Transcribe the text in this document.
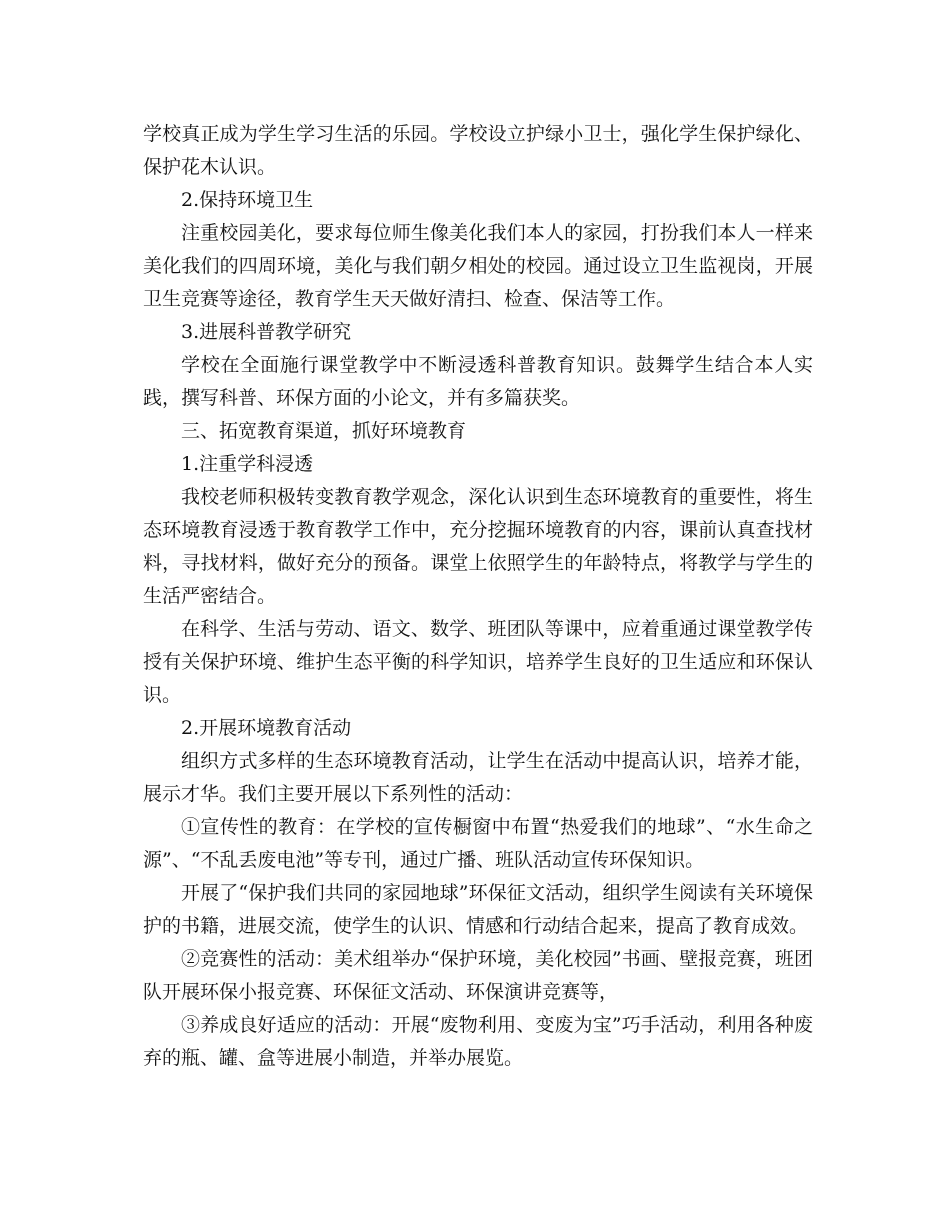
学校真正成为学生学习生活的乐园。学校设立护绿小卫士，强化学生保护绿化、保护花木认识。

2.保持环境卫生

注重校园美化，要求每位师生像美化我们本人的家园，打扮我们本人一样来美化我们的四周环境，美化与我们朝夕相处的校园。通过设立卫生监视岗，开展卫生竞赛等途径，教育学生天天做好清扫、检查、保洁等工作。

3.进展科普教学研究

学校在全面施行课堂教学中不断浸透科普教育知识。鼓舞学生结合本人实践，撰写科普、环保方面的小论文，并有多篇获奖。

三、拓宽教育渠道，抓好环境教育

1.注重学科浸透

我校老师积极转变教育教学观念，深化认识到生态环境教育的重要性，将生态环境教育浸透于教育教学工作中，充分挖掘环境教育的内容，课前认真查找材料，寻找材料，做好充分的预备。课堂上依照学生的年龄特点，将教学与学生的生活严密结合。

在科学、生活与劳动、语文、数学、班团队等课中，应着重通过课堂教学传授有关保护环境、维护生态平衡的科学知识，培养学生良好的卫生适应和环保认识。

2.开展环境教育活动

组织方式多样的生态环境教育活动，让学生在活动中提高认识，培养才能，展示才华。我们主要开展以下系列性的活动：

①宣传性的教育：在学校的宣传橱窗中布置“热爱我们的地球”、“水生命之源”、“不乱丢废电池”等专刊，通过广播、班队活动宣传环保知识。

开展了“保护我们共同的家园地球”环保征文活动，组织学生阅读有关环境保护的书籍，进展交流，使学生的认识、情感和行动结合起来，提高了教育成效。

②竞赛性的活动：美术组举办“保护环境，美化校园”书画、壁报竞赛，班团队开展环保小报竞赛、环保征文活动、环保演讲竞赛等，

③养成良好适应的活动：开展“废物利用、变废为宝”巧手活动，利用各种废弃的瓶、罐、盒等进展小制造，并举办展览。
